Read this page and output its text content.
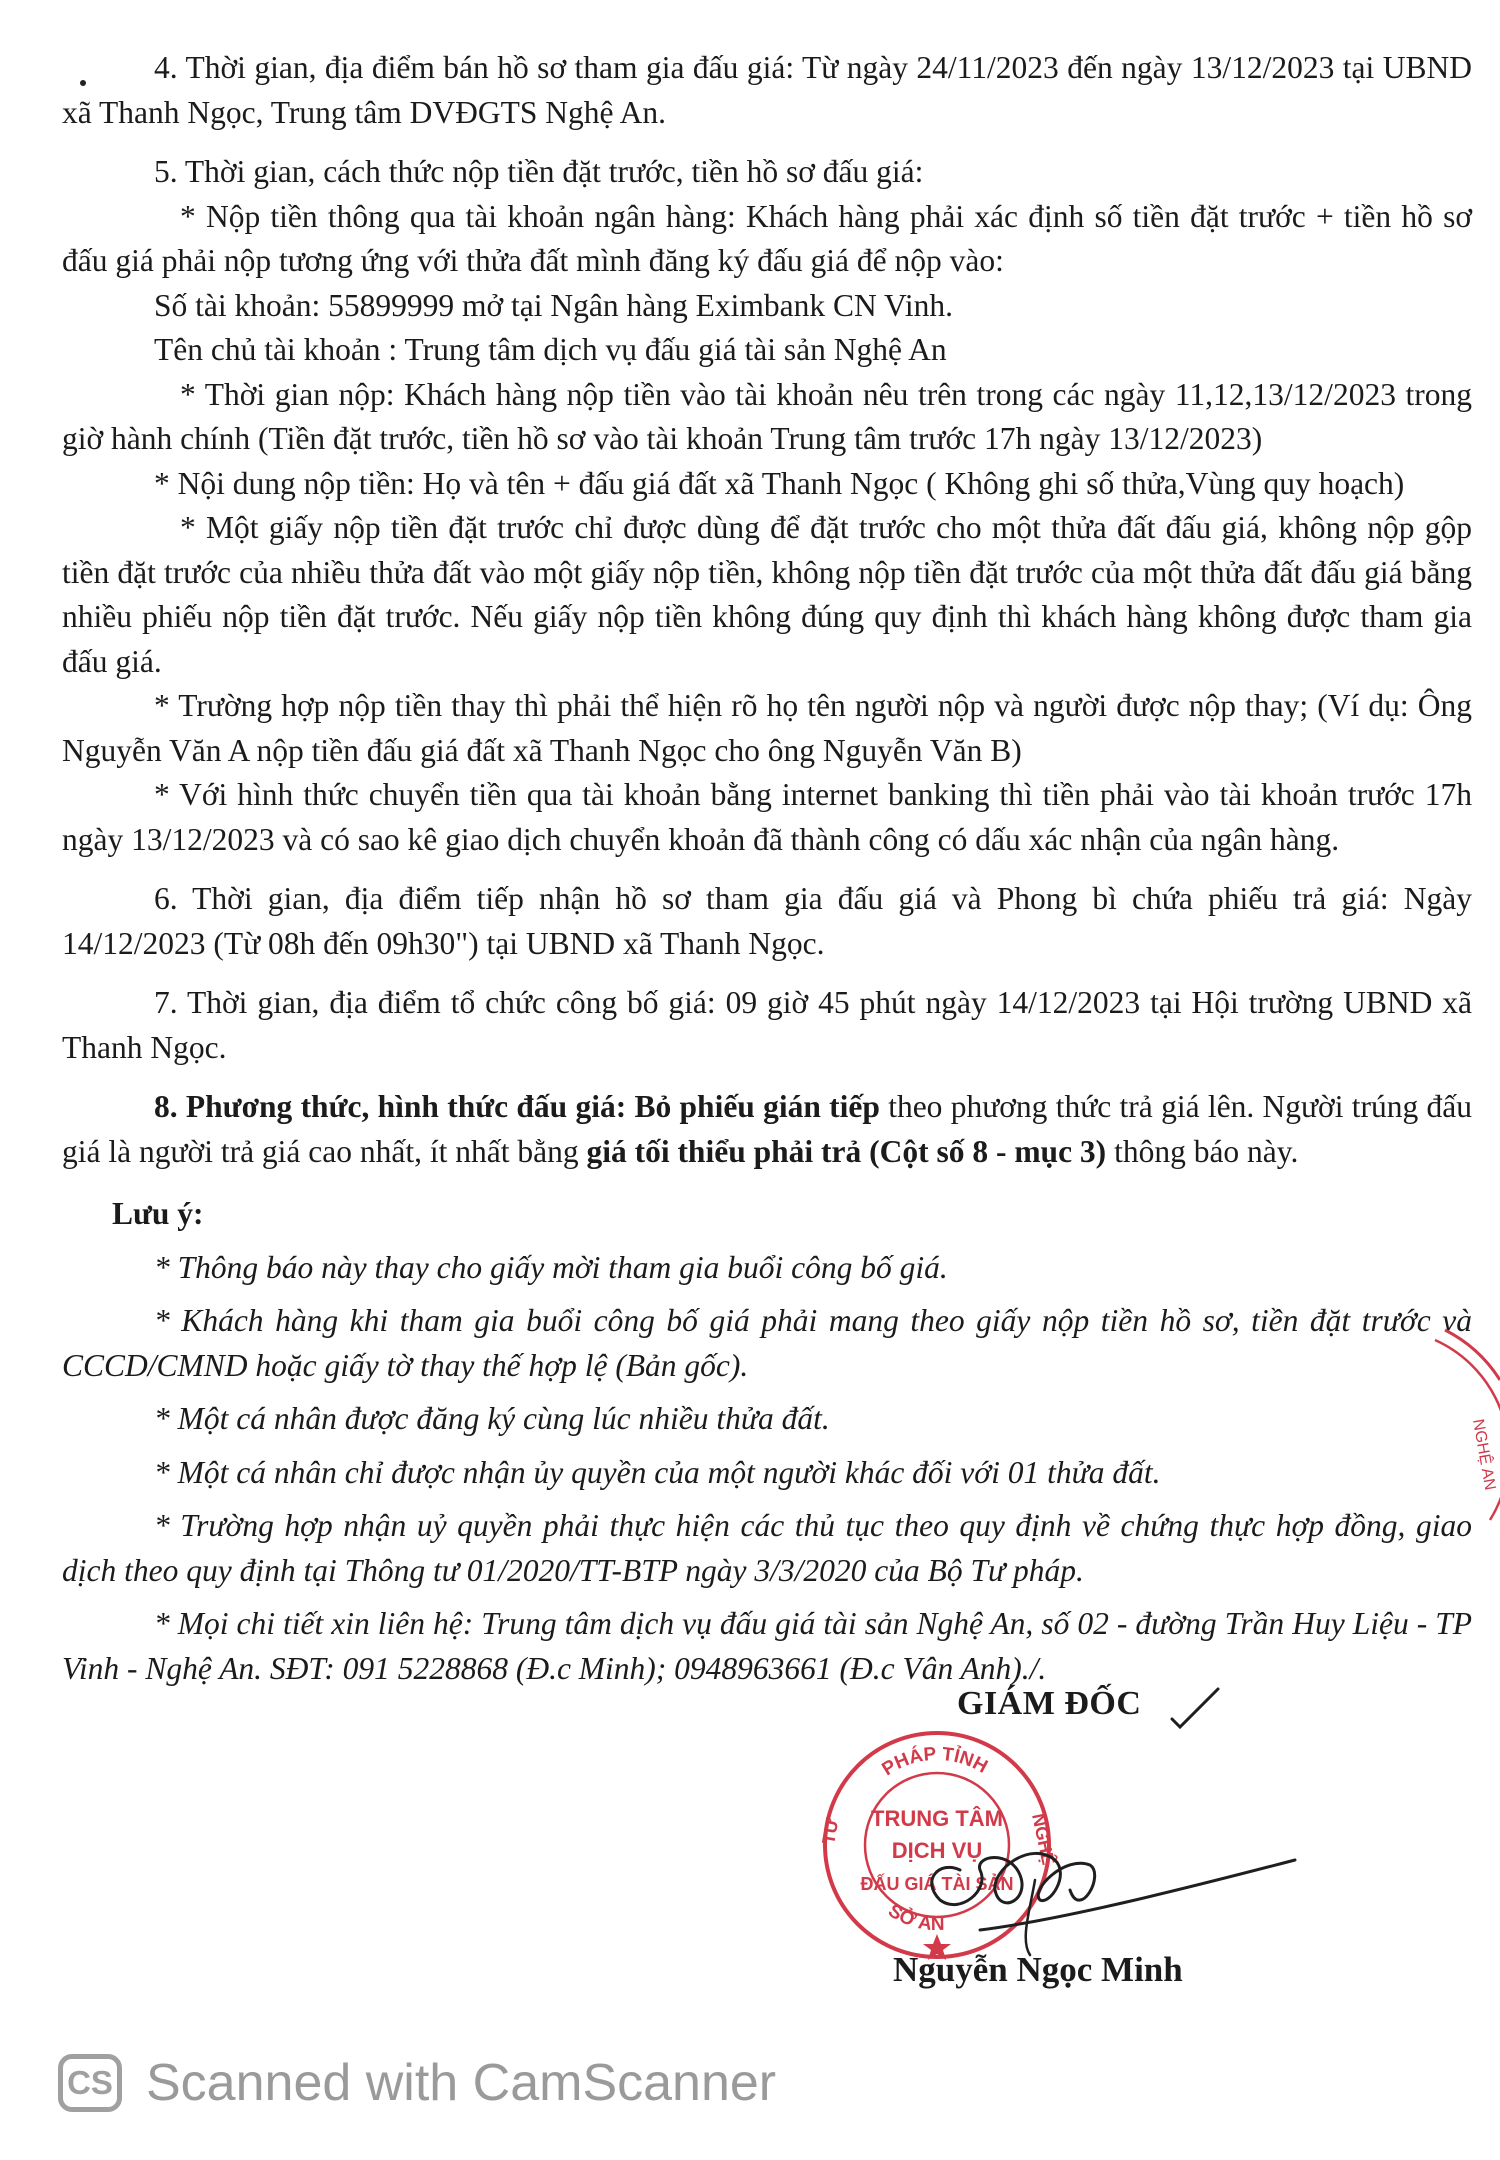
4. Thời gian, địa điểm bán hồ sơ tham gia đấu giá: Từ ngày 24/11/2023 đến ngày 13/12/2023 tại UBND xã Thanh Ngọc, Trung tâm DVĐGTS Nghệ An.

5. Thời gian, cách thức nộp tiền đặt trước, tiền hồ sơ đấu giá:

* Nộp tiền thông qua tài khoản ngân hàng: Khách hàng phải xác định số tiền đặt trước + tiền hồ sơ đấu giá phải nộp tương ứng với thửa đất mình đăng ký đấu giá để nộp vào:

Số tài khoản: 55899999 mở tại Ngân hàng Eximbank CN Vinh.

Tên chủ tài khoản : Trung tâm dịch vụ đấu giá tài sản Nghệ An

* Thời gian nộp: Khách hàng nộp tiền vào tài khoản nêu trên trong các ngày 11,12,13/12/2023 trong giờ hành chính (Tiền đặt trước, tiền hồ sơ vào tài khoản Trung tâm trước 17h ngày 13/12/2023)

* Nội dung nộp tiền: Họ và tên + đấu giá đất xã Thanh Ngọc ( Không ghi số thửa,Vùng quy hoạch)

* Một giấy nộp tiền đặt trước chỉ được dùng để đặt trước cho một thửa đất đấu giá, không nộp gộp tiền đặt trước của nhiều thửa đất vào một giấy nộp tiền, không nộp tiền đặt trước của một thửa đất đấu giá bằng nhiều phiếu nộp tiền đặt trước. Nếu giấy nộp tiền không đúng quy định thì khách hàng không được tham gia đấu giá.

* Trường hợp nộp tiền thay thì phải thể hiện rõ họ tên người nộp và người được nộp thay; (Ví dụ: Ông Nguyễn Văn A nộp tiền đấu giá đất xã Thanh Ngọc cho ông Nguyễn Văn B)

* Với hình thức chuyển tiền qua tài khoản bằng internet banking thì tiền phải vào tài khoản trước 17h ngày 13/12/2023 và có sao kê giao dịch chuyển khoản đã thành công có dấu xác nhận của ngân hàng.

6. Thời gian, địa điểm tiếp nhận hồ sơ tham gia đấu giá và Phong bì chứa phiếu trả giá: Ngày 14/12/2023 (Từ 08h đến 09h30") tại UBND xã Thanh Ngọc.

7. Thời gian, địa điểm tổ chức công bố giá: 09 giờ 45 phút ngày 14/12/2023 tại Hội trường UBND xã Thanh Ngọc.

8. Phương thức, hình thức đấu giá: Bỏ phiếu gián tiếp theo phương thức trả giá lên. Người trúng đấu giá là người trả giá cao nhất, ít nhất bằng giá tối thiểu phải trả (Cột số 8 - mục 3) thông báo này.

Lưu ý:

* Thông báo này thay cho giấy mời tham gia buổi công bố giá.

* Khách hàng khi tham gia buổi công bố giá phải mang theo giấy nộp tiền hồ sơ, tiền đặt trước và CCCD/CMND hoặc giấy tờ thay thế hợp lệ (Bản gốc).

* Một cá nhân được đăng ký cùng lúc nhiều thửa đất.

* Một cá nhân chỉ được nhận ủy quyền của một người khác đối với 01 thửa đất.

* Trường hợp nhận uỷ quyền phải thực hiện các thủ tục theo quy định về chứng thực hợp đồng, giao dịch theo quy định tại Thông tư 01/2020/TT-BTP ngày 3/3/2020 của Bộ Tư pháp.

* Mọi chi tiết xin liên hệ: Trung tâm dịch vụ đấu giá tài sản Nghệ An, số 02 - đường Trần Huy Liệu - TP Vinh - Nghệ An. SĐT: 091 5228868 (Đ.c Minh); 0948963661 (Đ.c Vân Anh)./.

NGHỆ AN
GIÁM ĐỐC
PHÁP TỈNH
SỞ AN
TƯ	NGHỆ
TRUNG TÂM
DỊCH VỤ
ĐẤU GIÁ TÀI SẢN
Nguyễn Ngọc Minh
CS Scanned with CamScanner
